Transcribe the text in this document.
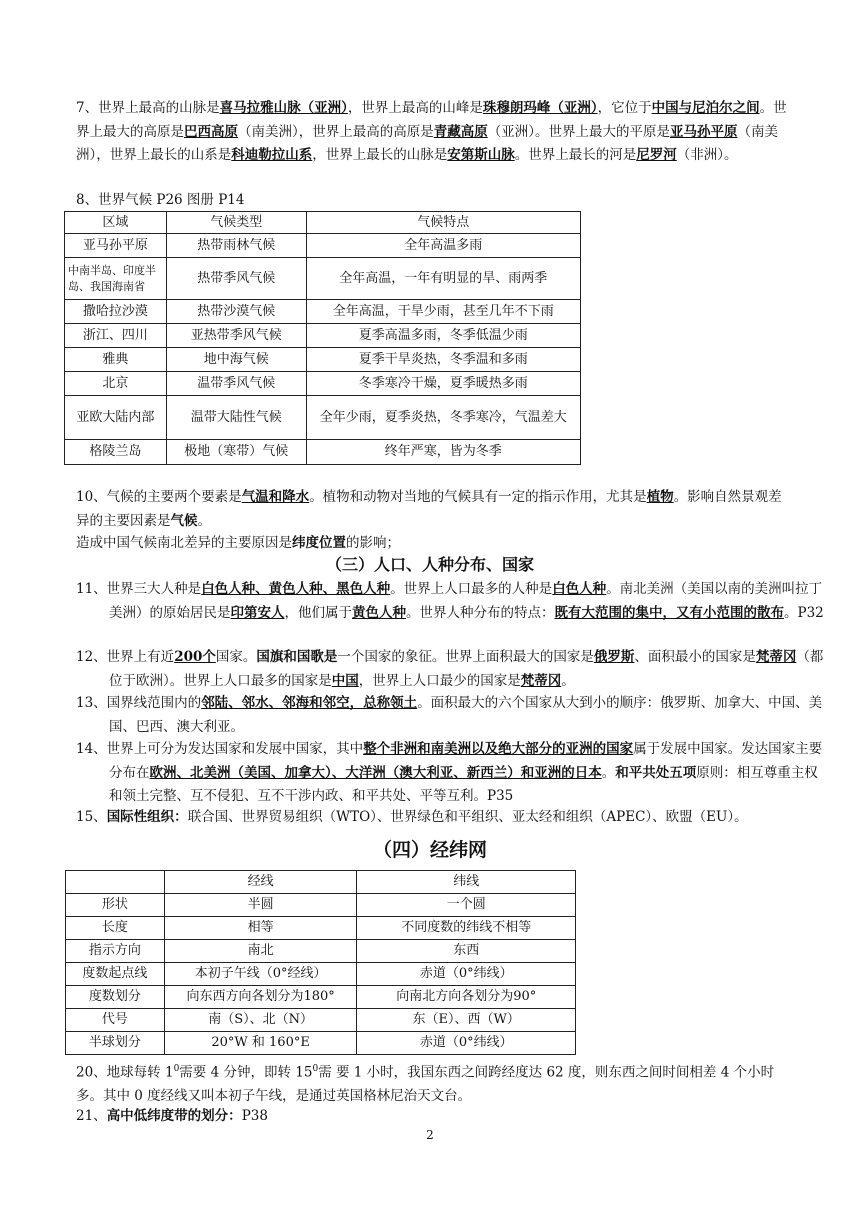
7、世界上最高的山脉是喜马拉雅山脉（亚洲），世界上最高的山峰是珠穆朗玛峰（亚洲），它位于中国与尼泊尔之间。世界上最大的高原是巴西高原（南美洲），世界上最高的高原是青藏高原（亚洲）。世界上最大的平原是亚马孙平原（南美洲），世界上最长的山系是科迪勒拉山系，世界上最长的山脉是安第斯山脉。世界上最长的河是尼罗河（非洲）。
8、世界气候 P26 图册 P14
区域	气候类型	气候特点
亚马孙平原	热带雨林气候	全年高温多雨
中南半岛、印度半岛、我国海南省	热带季风气候	全年高温，一年有明显的旱、雨两季
撒哈拉沙漠	热带沙漠气候	全年高温，干旱少雨，甚至几年不下雨
浙江、四川	亚热带季风气候	夏季高温多雨，冬季低温少雨
雅典	地中海气候	夏季干旱炎热，冬季温和多雨
北京	温带季风气候	冬季寒冷干燥，夏季暖热多雨
亚欧大陆内部	温带大陆性气候	全年少雨，夏季炎热，冬季寒冷，气温差大
格陵兰岛	极地（寒带）气候	终年严寒，皆为冬季
10、气候的主要两个要素是气温和降水。植物和动物对当地的气候具有一定的指示作用，尤其是植物。影响自然景观差异的主要因素是气候。
造成中国气候南北差异的主要原因是纬度位置的影响；
（三）人口、人种分布、国家
11、世界三大人种是白色人种、黄色人种、黑色人种。世界上人口最多的人种是白色人种。南北美洲（美国以南的美洲叫拉丁美洲）的原始居民是印第安人，他们属于黄色人种。世界人种分布的特点：既有大范围的集中，又有小范围的散布。P32
12、世界上有近200个国家。国旗和国歌是一个国家的象征。世界上面积最大的国家是俄罗斯、面积最小的国家是梵蒂冈（都位于欧洲）。世界上人口最多的国家是中国，世界上人口最少的国家是梵蒂冈。
13、国界线范围内的邻陆、邻水、邻海和邻空，总称领土。面积最大的六个国家从大到小的顺序：俄罗斯、加拿大、中国、美国、巴西、澳大利亚。
14、世界上可分为发达国家和发展中国家，其中整个非洲和南美洲以及绝大部分的亚洲的国家属于发展中国家。发达国家主要分布在欧洲、北美洲（美国、加拿大）、大洋洲（澳大利亚、新西兰）和亚洲的日本。和平共处五项原则：相互尊重主权和领土完整、互不侵犯、互不干涉内政、和平共处、平等互利。P35
15、国际性组织：联合国、世界贸易组织（WTO）、世界绿色和平组织、亚太经和组织（APEC）、欧盟（EU）。
（四）经纬网
	经线	纬线
形状	半圆	一个圆
长度	相等	不同度数的纬线不相等
指示方向	南北	东西
度数起点线	本初子午线（0°经线）	赤道（0°纬线）
度数划分	向东西方向各划分为180°	向南北方向各划分为90°
代号	南（S）、北（N）	东（E）、西（W）
半球划分	20°W 和 160°E	赤道（0°纬线）
20、地球每转 $1^0$需要 4 分钟，即转 $15^0$需 要 1 小时，我国东西之间跨经度达 62 度，则东西之间时间相差 4 个小时多。其中 0 度经线又叫本初子午线，是通过英国格林尼治天文台。
21、高中低纬度带的划分：P38
2
